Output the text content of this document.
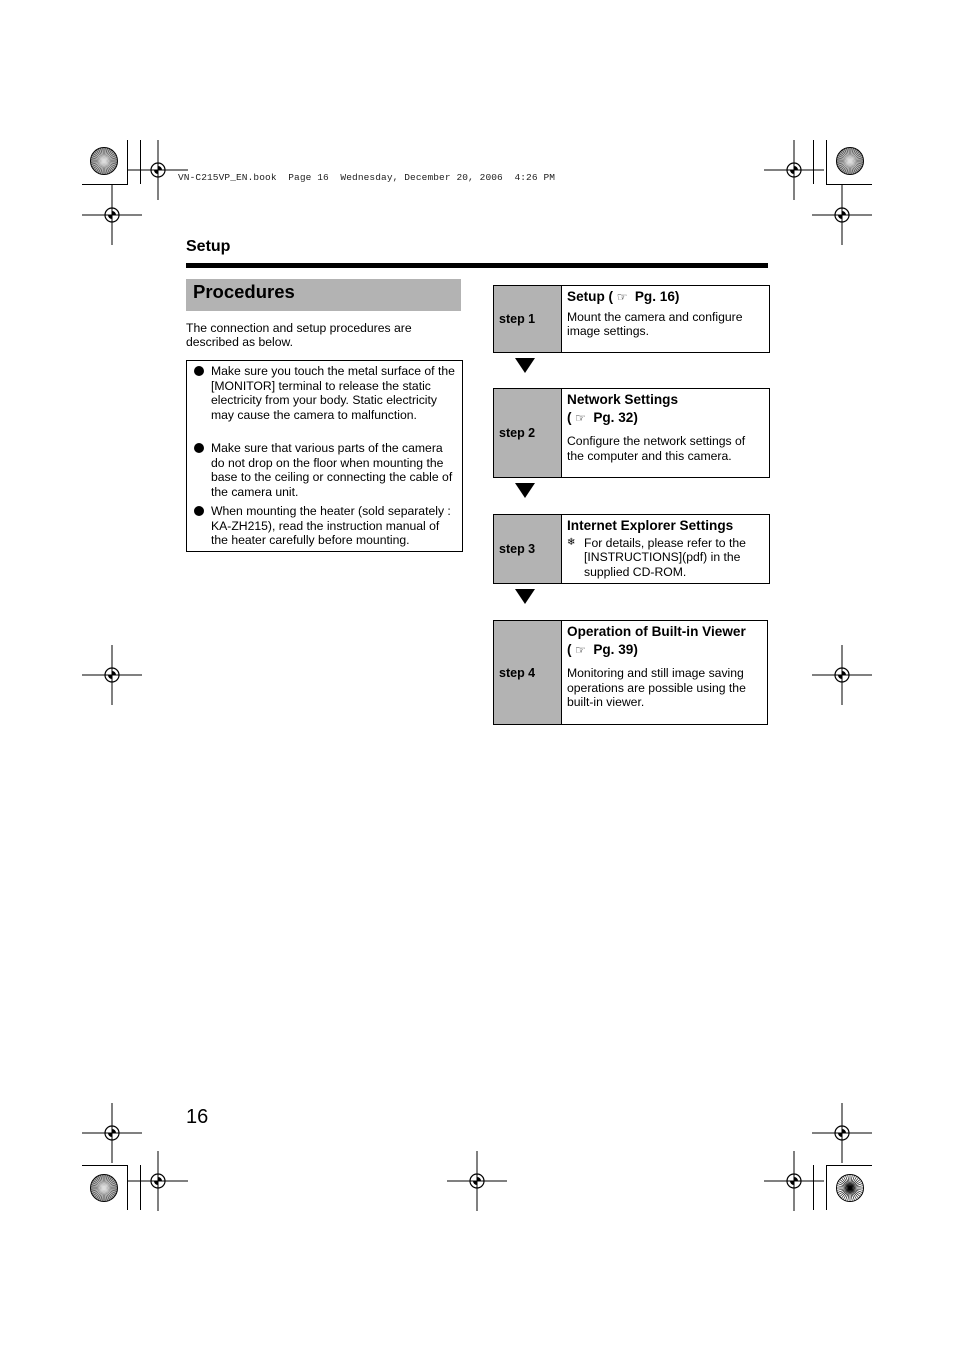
VN-C215VP_EN.book  Page 16  Wednesday, December 20, 2006  4:26 PM
Setup
Procedures
The connection and setup procedures are described as below.
Make sure you touch the metal surface of the [MONITOR] terminal to release the static electricity from your body. Static electricity may cause the camera to malfunction.
Make sure that various parts of the camera do not drop on the floor when mounting the base to the ceiling or connecting the cable of the camera unit.
When mounting the heater (sold separately : KA-ZH215), read the instruction manual of the heater carefully before mounting.
step 1
Setup ( ☞ Pg. 16)
Mount the camera and configure image settings.
step 2
Network Settings
( ☞ Pg. 32)
Configure the network settings of the computer and this camera.
step 3
Internet Explorer Settings
❄ For details, please refer to the [INSTRUCTIONS](pdf) in the supplied CD-ROM.
step 4
Operation of Built-in Viewer
( ☞ Pg. 39)
Monitoring and still image saving operations are possible using the built-in viewer.
16
